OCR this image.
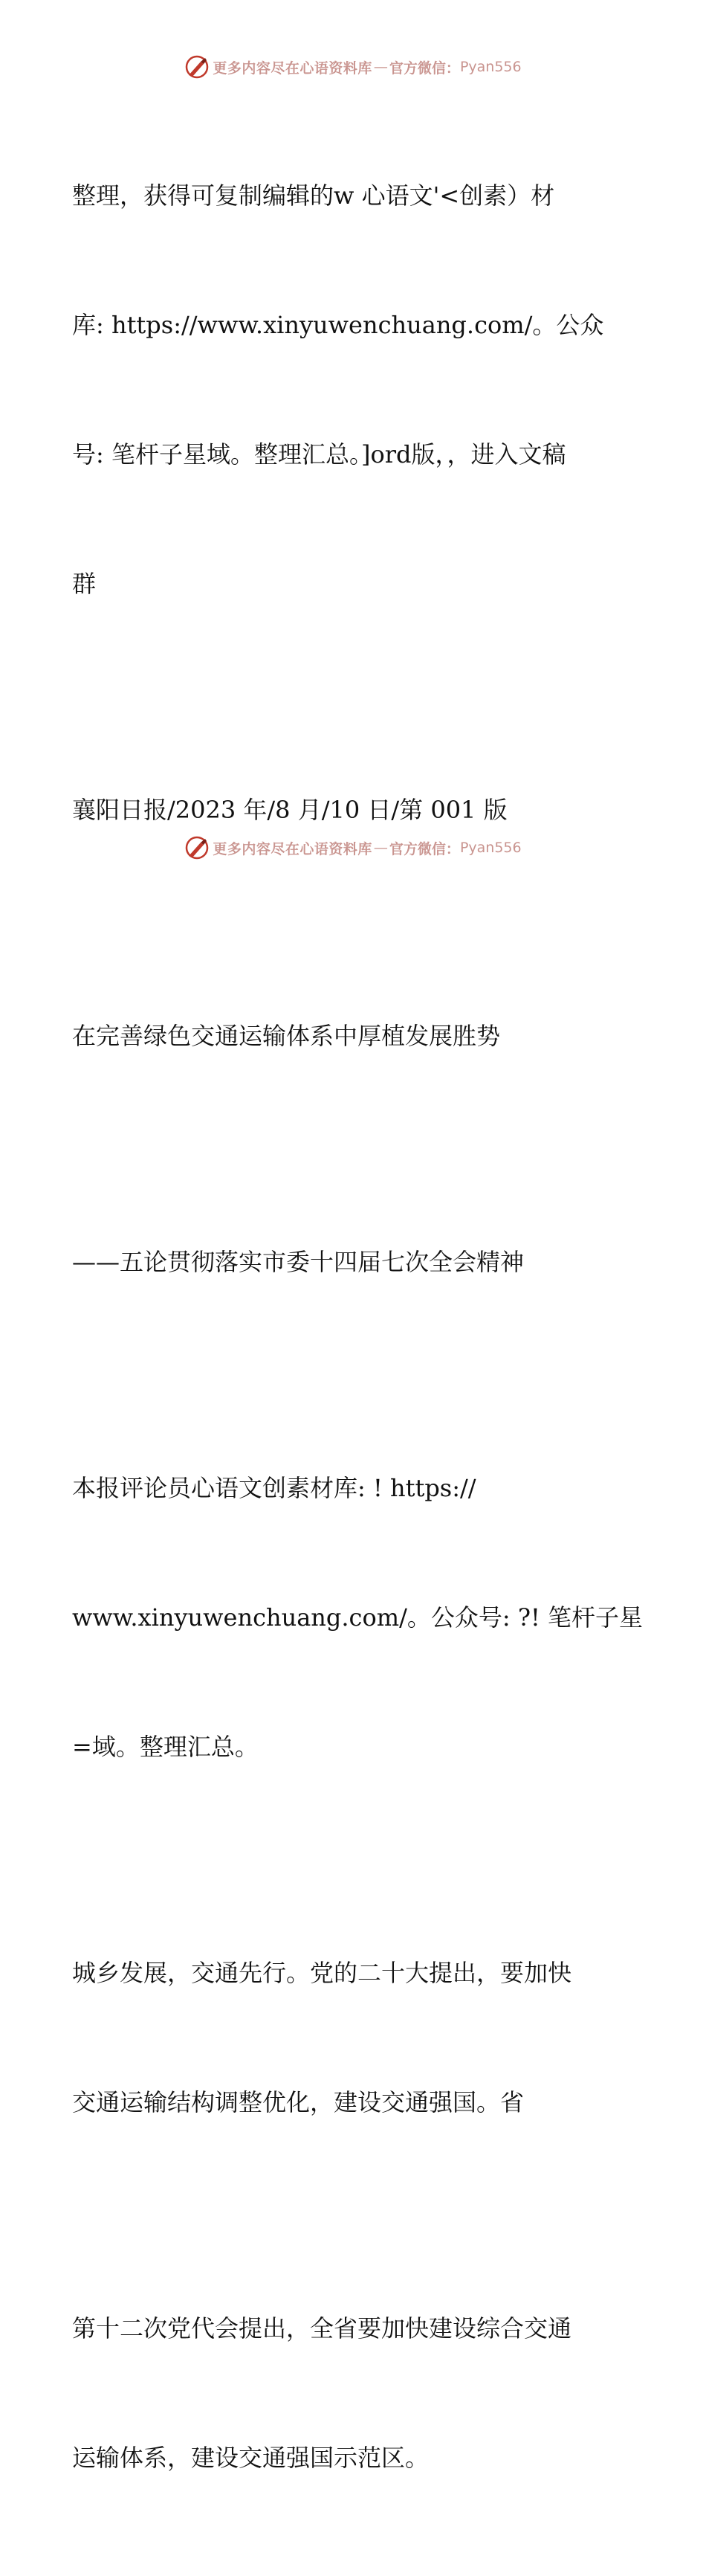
更多内容尽在心语资料库 — 官方微信： Pyan556

整理，获得可复制编辑的w 心语文'<创素）材

库: https://www.xinyuwenchuang.com/。公众

号: 笔杆子星域。整理汇总。]ord版，，进入文稿

群

襄阳日报/2023 年/8 月/10 日/第 001 版

在完善绿色交通运输体系中厚植发展胜势

——五论贯彻落实市委十四届七次全会精神

本报评论员心语文创素材库: ! https://

www.xinyuwenchuang.com/。公众号: ?! 笔杆子星

=域。整理汇总。

城乡发展，交通先行。党的二十大提出，要加快

交通运输结构调整优化，建设交通强国。省

第十二次党代会提出，全省要加快建设综合交通

运输体系，建设交通强国示范区。

更多内容尽在心语资料库 — 官方微信： Pyan556
